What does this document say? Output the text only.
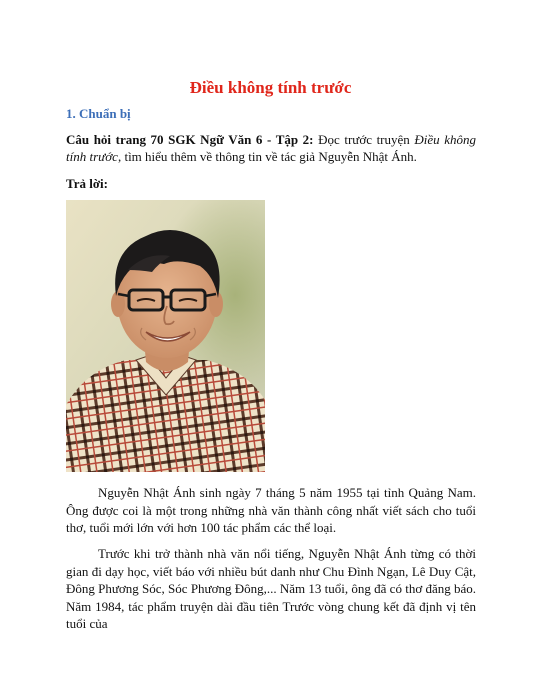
Điều không tính trước
1. Chuẩn bị
Câu hỏi trang 70 SGK Ngữ Văn 6 - Tập 2: Đọc trước truyện Điều không tính trước, tìm hiểu thêm về thông tin về tác giả Nguyễn Nhật Ánh.
Trả lời:

Nguyễn Nhật Ánh sinh ngày 7 tháng 5 năm 1955 tại tỉnh Quảng Nam. Ông được coi là một trong những nhà văn thành công nhất viết sách cho tuổi thơ, tuổi mới lớn với hơn 100 tác phẩm các thể loại.

Trước khi trở thành nhà văn nổi tiếng, Nguyễn Nhật Ánh từng có thời gian đi dạy học, viết báo với nhiều bút danh như Chu Đình Ngạn, Lê Duy Cật, Đông Phương Sóc, Sóc Phương Đông,... Năm 13 tuổi, ông đã có thơ đăng báo. Năm 1984, tác phẩm truyện dài đầu tiên Trước vòng chung kết đã định vị tên tuổi của
